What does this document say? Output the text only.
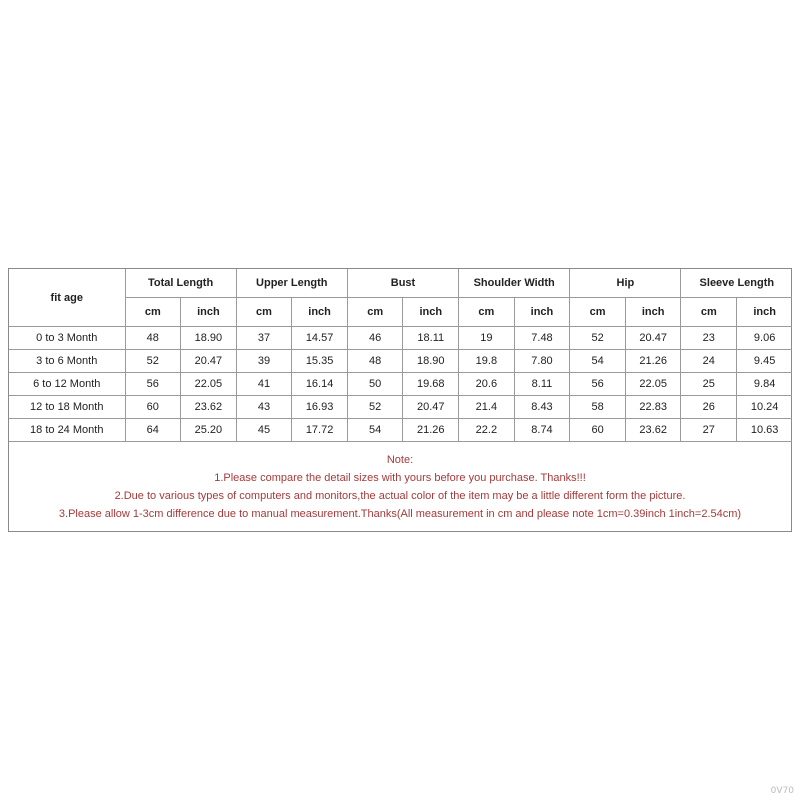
fit age	Total Length		Upper Length		Bust		Shoulder Width		Hip		Sleeve Length	
	cm	inch	cm	inch	cm	inch	cm	inch	cm	inch	cm	inch
0 to 3 Month	48	18.90	37	14.57	46	18.11	19	7.48	52	20.47	23	9.06
3 to 6 Month	52	20.47	39	15.35	48	18.90	19.8	7.80	54	21.26	24	9.45
6 to 12 Month	56	22.05	41	16.14	50	19.68	20.6	8.11	56	22.05	25	9.84
12 to 18 Month	60	23.62	43	16.93	52	20.47	21.4	8.43	58	22.83	26	10.24
18 to 24 Month	64	25.20	45	17.72	54	21.26	22.2	8.74	60	23.62	27	10.63
Note:
1.Please compare the detail sizes with yours before you purchase. Thanks!!!
2.Due to various types of computers and monitors,the actual color of the item may be a little different form the picture.
3.Please allow 1-3cm difference due to manual measurement.Thanks(All measurement in cm and please note 1cm=0.39inch 1inch=2.54cm)
0V70
